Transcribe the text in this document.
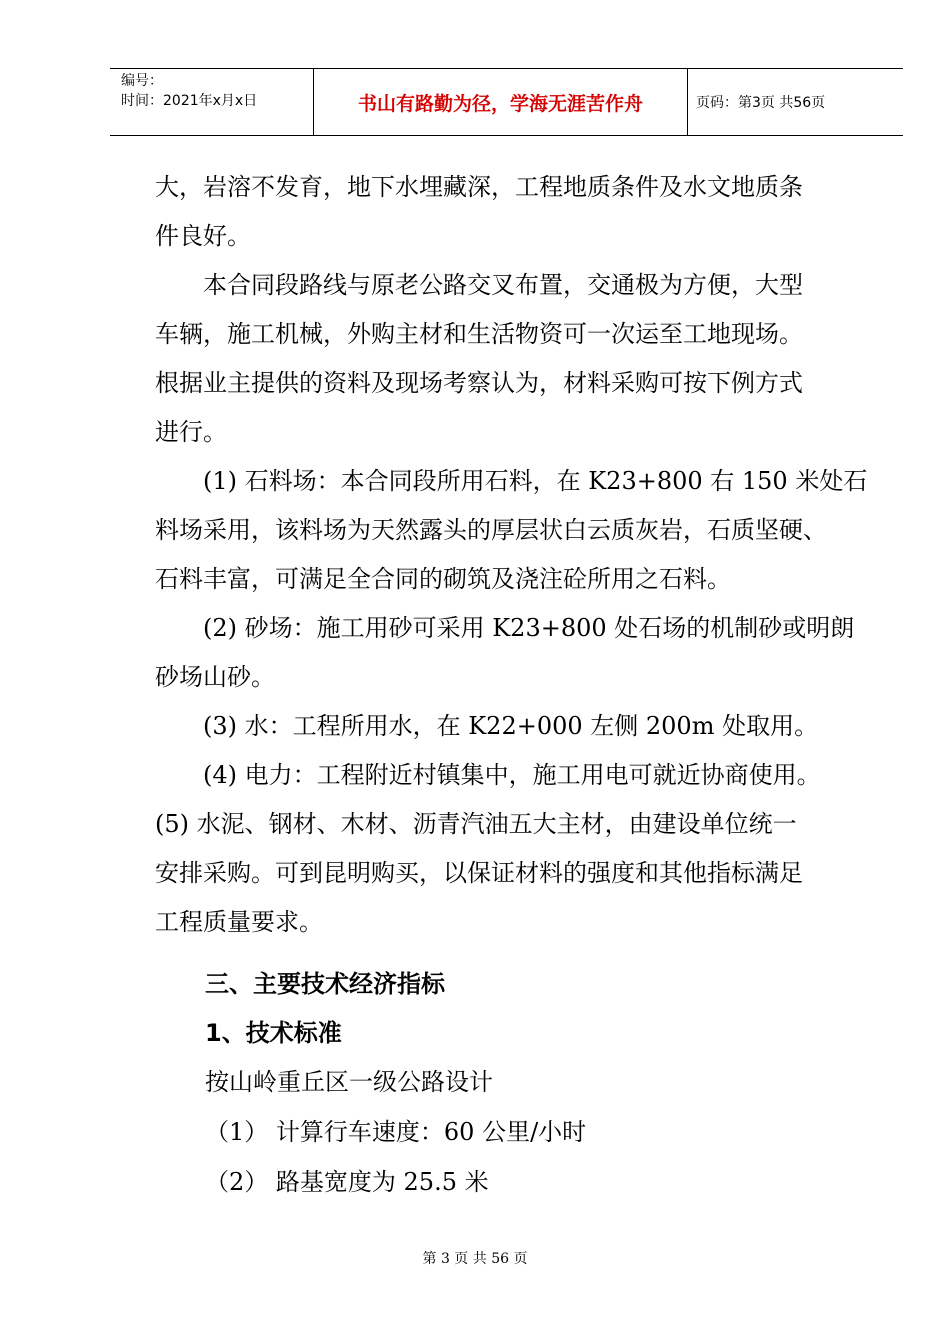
编号：
时间：2021年x月x日	书山有路勤为径，学海无涯苦作舟	页码：第3页 共56页

大，岩溶不发育，地下水埋藏深，工程地质条件及水文地质条

件良好。

　　本合同段路线与原老公路交叉布置，交通极为方便，大型

车辆，施工机械，外购主材和生活物资可一次运至工地现场。

根据业主提供的资料及现场考察认为，材料采购可按下例方式

进行。

　　(1) 石料场：本合同段所用石料，在 K23+800 右 150 米处石

料场采用，该料场为天然露头的厚层状白云质灰岩，石质坚硬、

石料丰富，可满足全合同的砌筑及浇注砼所用之石料。

　　(2) 砂场：施工用砂可采用 K23+800 处石场的机制砂或明朗

砂场山砂。

　　(3) 水：工程所用水，在 K22+000 左侧 200m 处取用。

　　(4) 电力：工程附近村镇集中，施工用电可就近协商使用。

(5) 水泥、钢材、木材、沥青汽油五大主材，由建设单位统一

安排采购。可到昆明购买，以保证材料的强度和其他指标满足

工程质量要求。

三、主要技术经济指标
1、技术标准
按山岭重丘区一级公路设计
（1） 计算行车速度：60 公里/小时
（2） 路基宽度为 25.5 米
第 3 页 共 56 页
